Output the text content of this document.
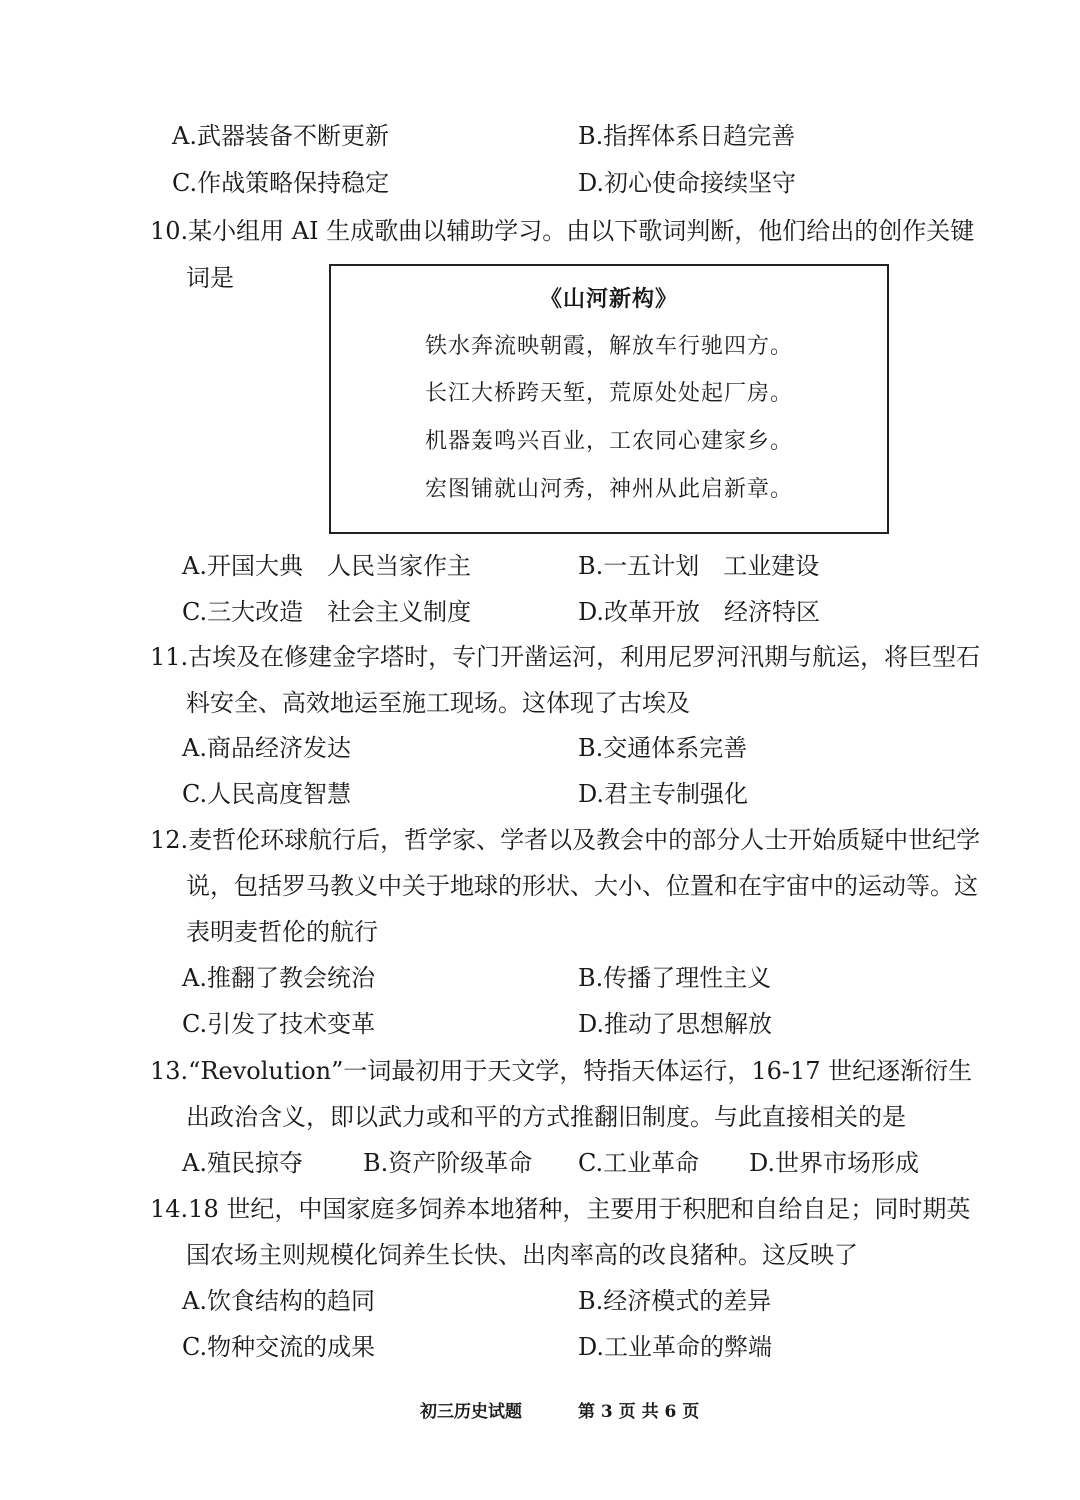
A.武器装备不断更新	B.指挥体系日趋完善
C.作战策略保持稳定	D.初心使命接续坚守
10.某小组用 AI 生成歌曲以辅助学习。由以下歌词判断，他们给出的创作关键
词是
《山河新构》
铁水奔流映朝霞，解放车行驰四方。
长江大桥跨天堑，荒原处处起厂房。
机器轰鸣兴百业，工农同心建家乡。
宏图铺就山河秀，神州从此启新章。
A.开国大典　人民当家作主	B.一五计划　工业建设
C.三大改造　社会主义制度	D.改革开放　经济特区
11.古埃及在修建金字塔时，专门开凿运河，利用尼罗河汛期与航运，将巨型石
料安全、高效地运至施工现场。这体现了古埃及
A.商品经济发达	B.交通体系完善
C.人民高度智慧	D.君主专制强化
12.麦哲伦环球航行后，哲学家、学者以及教会中的部分人士开始质疑中世纪学
说，包括罗马教义中关于地球的形状、大小、位置和在宇宙中的运动等。这
表明麦哲伦的航行
A.推翻了教会统治	B.传播了理性主义
C.引发了技术变革	D.推动了思想解放
13.“Revolution”一词最初用于天文学，特指天体运行，16-17 世纪逐渐衍生
出政治含义，即以武力或和平的方式推翻旧制度。与此直接相关的是
A.殖民掠夺	B.资产阶级革命 C.工业革命 D.世界市场形成
14.18 世纪，中国家庭多饲养本地猪种，主要用于积肥和自给自足；同时期英
国农场主则规模化饲养生长快、出肉率高的改良猪种。这反映了
A.饮食结构的趋同	B.经济模式的差异
C.物种交流的成果	D.工业革命的弊端
初三历史试题	第 3 页 共 6 页
